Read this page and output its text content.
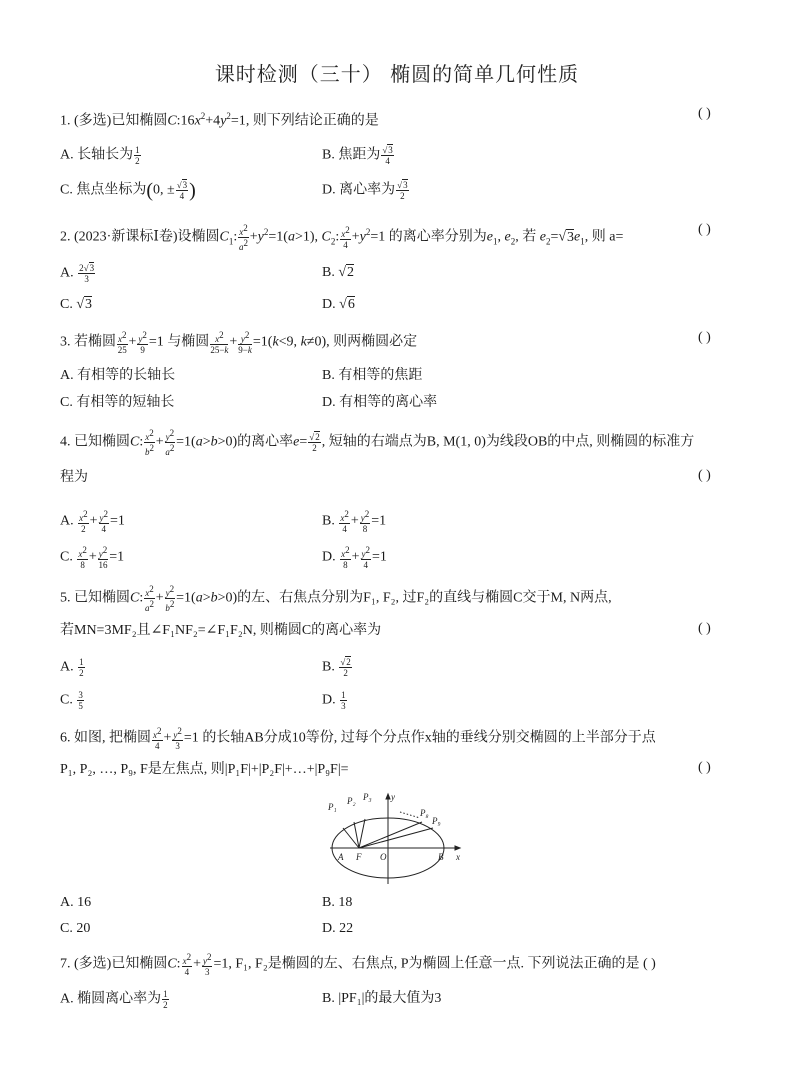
课时检测（三十） 椭圆的简单几何性质
1. (多选)已知椭圆$C:16x^2+4y^2=1$, 则下列结论正确的是
( )
A. 长轴长为 $\frac{1}{2}$	B. 焦距为 $\frac{√3}{4}$
C. 焦点坐标为(0, ± $\frac{√3}{4}$ )	D. 离心率为 $\frac{√3}{2}$
2. (2023·新课标Ⅰ卷)设椭圆$C_1$: $\frac{x^2}{a^2} +y^2=1(a>1)$, $C_2$: $\frac{x^2}{4} +y^2=1$ 的离心率分别为$e_1$, $e_2$, 若 $e_2=√3e_1$, 则 a=
( )
A. $\frac{2√3}{3}$	B. √2
C. √3	D. √6
3. 若椭圆 $\frac{x^2}{25} + \frac{y^2}{9} =1$ 与椭圆 $\frac{x^2}{25-k} + \frac{y^2}{9-k} =1(k<9$, k≠0), 则两椭圆必定	( )
A. 有相等的长轴长	B. 有相等的焦距
C. 有相等的短轴长	D. 有相等的离心率
4. 已知椭圆C: $\frac{x^2}{b^2} + \frac{y^2}{a^2} =1(a>b>0)$的离心率$e= \frac{√2}{2}$ , 短轴的右端点为B, M(1, 0)为线段OB的中点, 则椭圆的标准方
程为	( )
A. $\frac{x^2}{2} + \frac{y^2}{4} =1$	B. $\frac{x^2}{4} + \frac{y^2}{8} =1$
C. $\frac{x^2}{8} + \frac{y^2}{16} =1$	D. $\frac{x^2}{8} + \frac{y^2}{4} =1$
5. 已知椭圆C: $\frac{x^2}{a^2} + \frac{y^2}{b^2} =1(a>b>0)$的左、右焦点分别为F₁, F₂, 过F₂的直线与椭圆C交于M, N两点,
若MN=3MF₂且∠F₁NF₂=∠F₁F₂N, 则椭圆C的离心率为	( )
A. $\frac{1}{2}$	B. $\frac{√2}{2}$
C. $\frac{3}{5}$	D. $\frac{1}{3}$
6. 如图, 把椭圆 $\frac{x^2}{4} + \frac{y^2}{3} =1$ 的长轴AB分成10等份, 过每个分点作x轴的垂线分别交椭圆的上半部分于点
P₁, P₂, …, P₉, F是左焦点, 则|P₁F|+|P₂F|+…+|P₉F|=	( )
P₁
P₂ P₃
P₈
P₉
A F O	B
y
x
A. 16	B. 18
C. 20	D. 22
7. (多选)已知椭圆C: $\frac{x^2}{4} + \frac{y^2}{3} =1$, F₁, F₂是椭圆的左、右焦点, P为椭圆上任意一点. 下列说法正确的是 ( )
A. 椭圆离心率为 $\frac{1}{2}$	B. |PF₁|的最大值为3
